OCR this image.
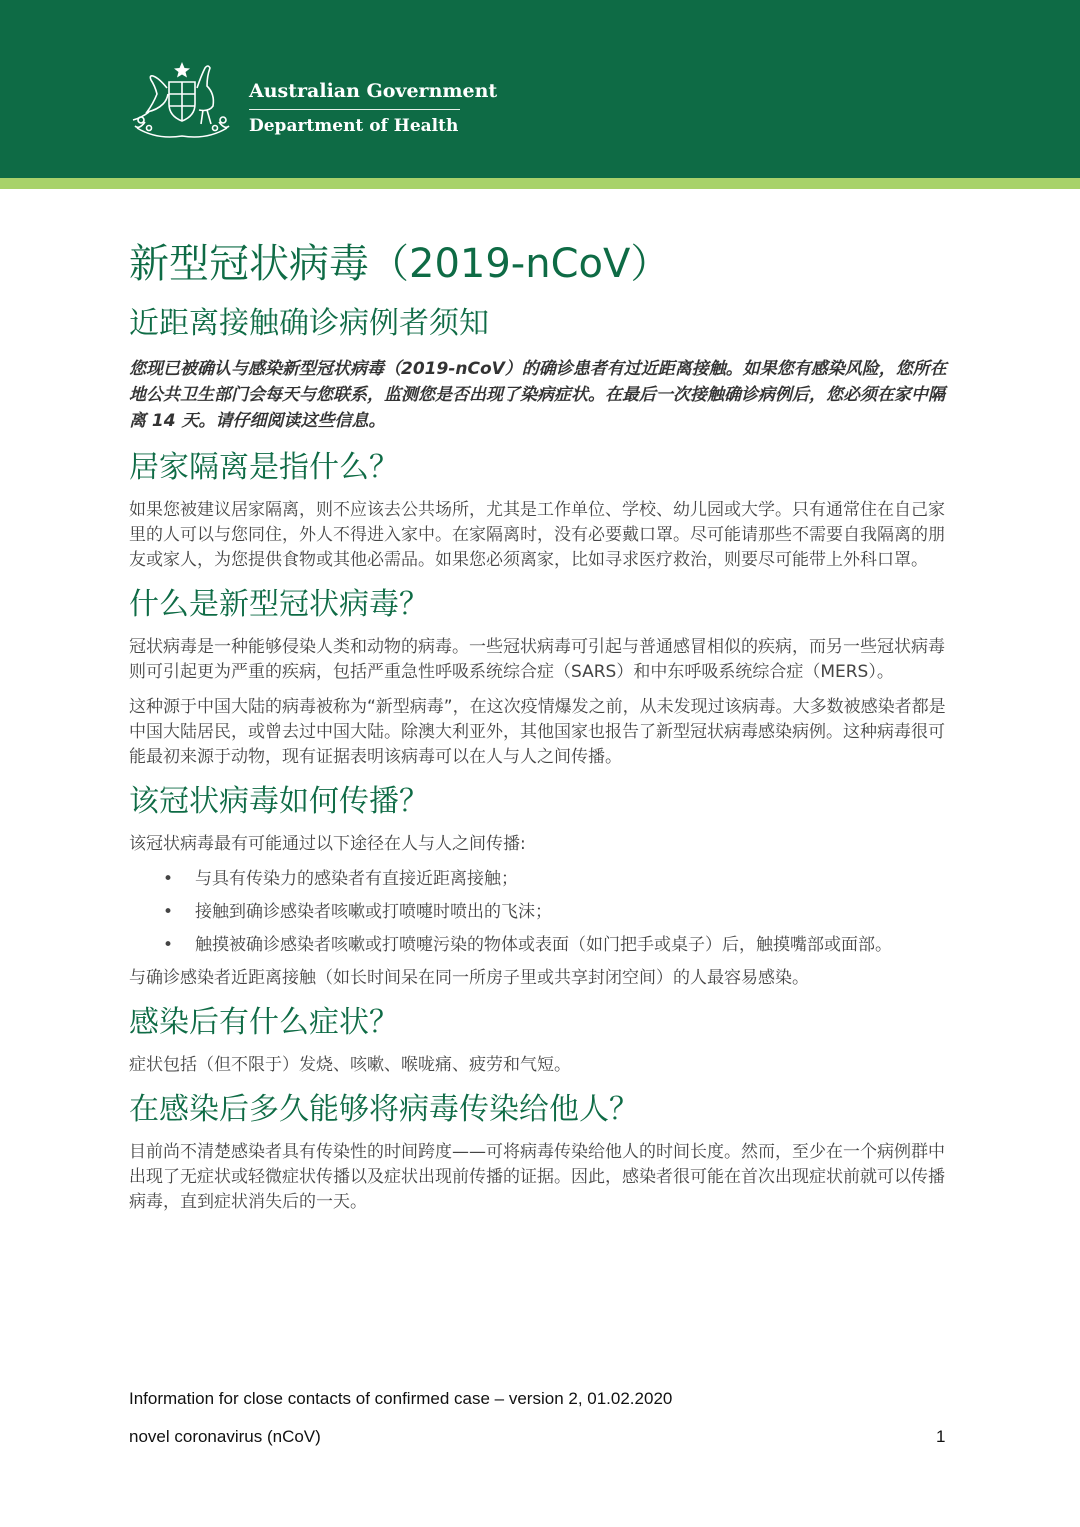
Australian Government
Department of Health
新型冠状病毒（2019-nCoV）
近距离接触确诊病例者须知

您现已被确认与感染新型冠状病毒（2019-nCoV）的确诊患者有过近距离接触。如果您有感染风险，您所在地公共卫生部门会每天与您联系，监测您是否出现了染病症状。在最后一次接触确诊病例后，您必须在家中隔离 14 天。请仔细阅读这些信息。

居家隔离是指什么？

如果您被建议居家隔离，则不应该去公共场所，尤其是工作单位、学校、幼儿园或大学。只有通常住在自己家里的人可以与您同住，外人不得进入家中。在家隔离时，没有必要戴口罩。尽可能请那些不需要自我隔离的朋友或家人，为您提供食物或其他必需品。如果您必须离家，比如寻求医疗救治，则要尽可能带上外科口罩。

什么是新型冠状病毒？

冠状病毒是一种能够侵染人类和动物的病毒。一些冠状病毒可引起与普通感冒相似的疾病，而另一些冠状病毒则可引起更为严重的疾病，包括严重急性呼吸系统综合症（SARS）和中东呼吸系统综合症（MERS）。

这种源于中国大陆的病毒被称为“新型病毒”，在这次疫情爆发之前，从未发现过该病毒。大多数被感染者都是中国大陆居民，或曾去过中国大陆。除澳大利亚外，其他国家也报告了新型冠状病毒感染病例。这种病毒很可能最初来源于动物，现有证据表明该病毒可以在人与人之间传播。

该冠状病毒如何传播？

该冠状病毒最有可能通过以下途径在人与人之间传播:

• 与具有传染力的感染者有直接近距离接触；
• 接触到确诊感染者咳嗽或打喷嚏时喷出的飞沫；
• 触摸被确诊感染者咳嗽或打喷嚏污染的物体或表面（如门把手或桌子）后，触摸嘴部或面部。

与确诊感染者近距离接触（如长时间呆在同一所房子里或共享封闭空间）的人最容易感染。

感染后有什么症状？

症状包括（但不限于）发烧、咳嗽、喉咙痛、疲劳和气短。

在感染后多久能够将病毒传染给他人？

目前尚不清楚感染者具有传染性的时间跨度——可将病毒传染给他人的时间长度。然而，至少在一个病例群中出现了无症状或轻微症状传播以及症状出现前传播的证据。因此，感染者很可能在首次出现症状前就可以传播病毒，直到症状消失后的一天。

Information for close contacts of confirmed case – version 2, 01.02.2020
novel coronavirus (nCoV)	1
